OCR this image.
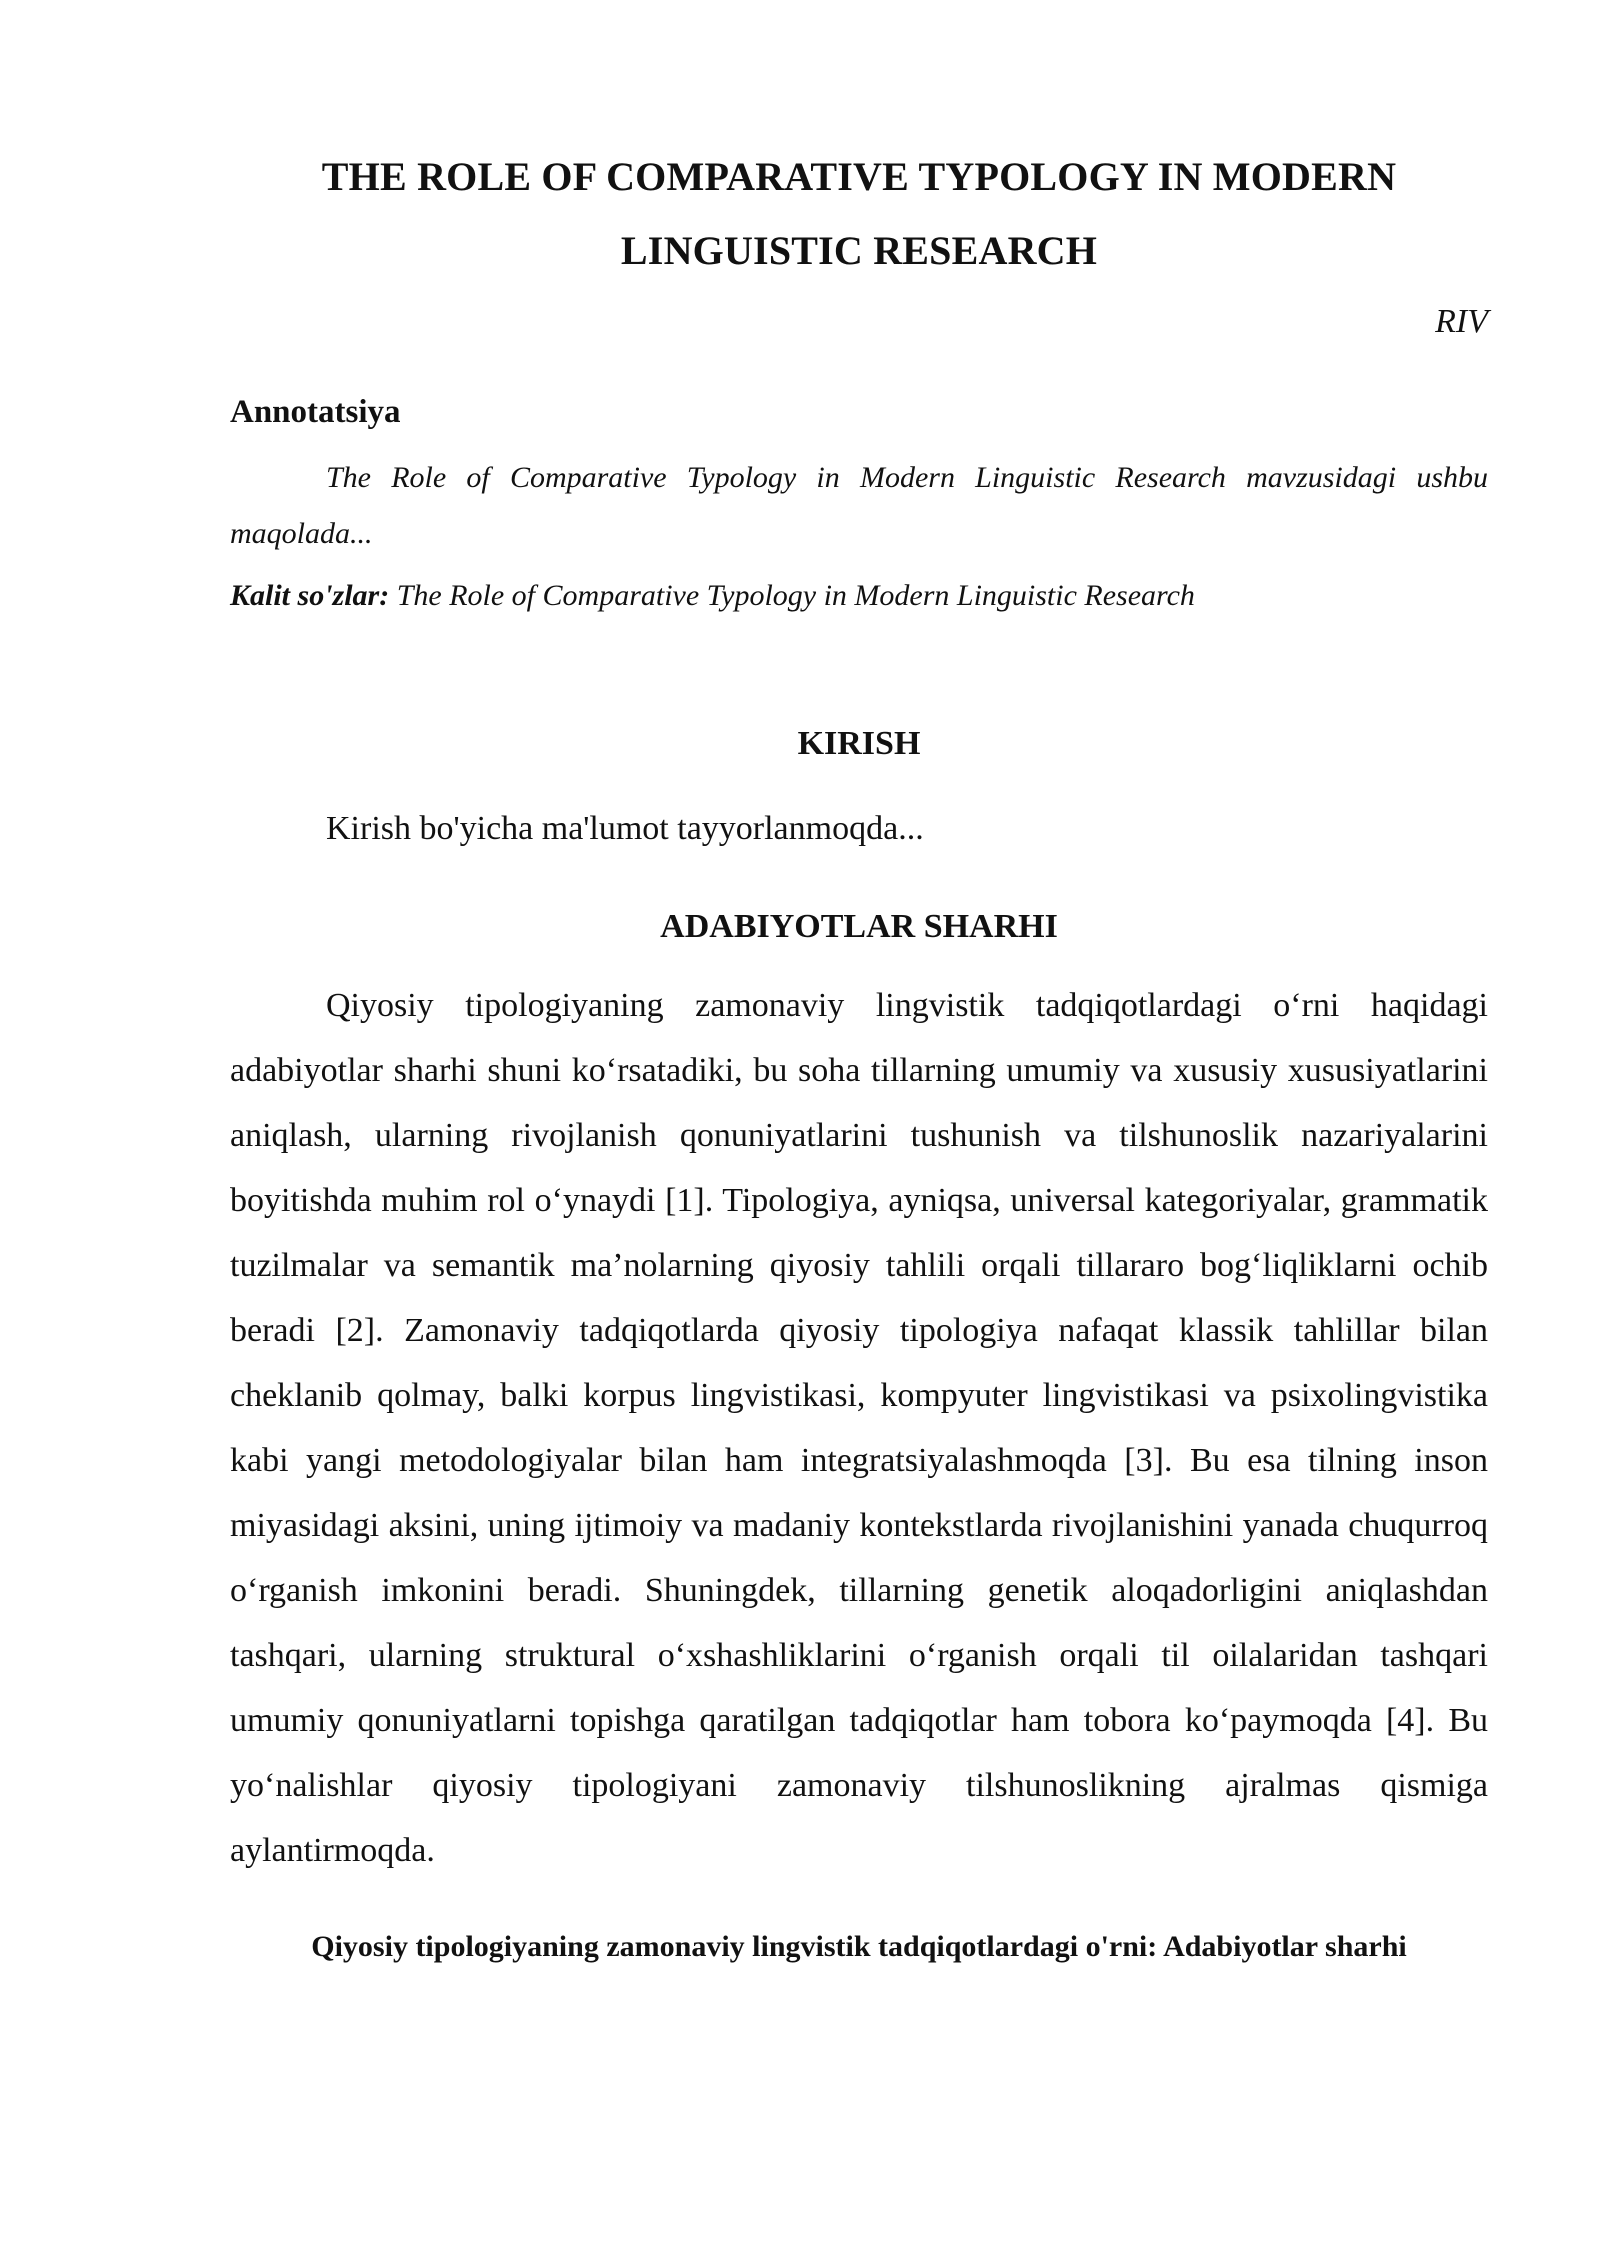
THE ROLE OF COMPARATIVE TYPOLOGY IN MODERN
LINGUISTIC RESEARCH

RIV

Annotatsiya

The Role of Comparative Typology in Modern Linguistic Research mavzusidagi ushbu maqolada...

Kalit so'zlar: The Role of Comparative Typology in Modern Linguistic Research

KIRISH

Kirish bo'yicha ma'lumot tayyorlanmoqda...

ADABIYOTLAR SHARHI

Qiyosiy tipologiyaning zamonaviy lingvistik tadqiqotlardagi o‘rni haqidagi adabiyotlar sharhi shuni ko‘rsatadiki, bu soha tillarning umumiy va xususiy xususiyatlarini aniqlash, ularning rivojlanish qonuniyatlarini tushunish va tilshunoslik nazariyalarini boyitishda muhim rol o‘ynaydi [1]. Tipologiya, ayniqsa, universal kategoriyalar, grammatik tuzilmalar va semantik ma’nolarning qiyosiy tahlili orqali tillararo bog‘liqliklarni ochib beradi [2]. Zamonaviy tadqiqotlarda qiyosiy tipologiya nafaqat klassik tahlillar bilan cheklanib qolmay, balki korpus lingvistikasi, kompyuter lingvistikasi va psixolingvistika kabi yangi metodologiyalar bilan ham integratsiyalashmoqda [3]. Bu esa tilning inson miyasidagi aksini, uning ijtimoiy va madaniy kontekstlarda rivojlanishini yanada chuqurroq o‘rganish imkonini beradi. Shuningdek, tillarning genetik aloqadorligini aniqlashdan tashqari, ularning struktural o‘xshashliklarini o‘rganish orqali til oilalaridan tashqari umumiy qonuniyatlarni topishga qaratilgan tadqiqotlar ham tobora ko‘paymoqda [4]. Bu yo‘nalishlar qiyosiy tipologiyani zamonaviy tilshunoslikning ajralmas qismiga aylantirmoqda.

Qiyosiy tipologiyaning zamonaviy lingvistik tadqiqotlardagi o'rni: Adabiyotlar sharhi
